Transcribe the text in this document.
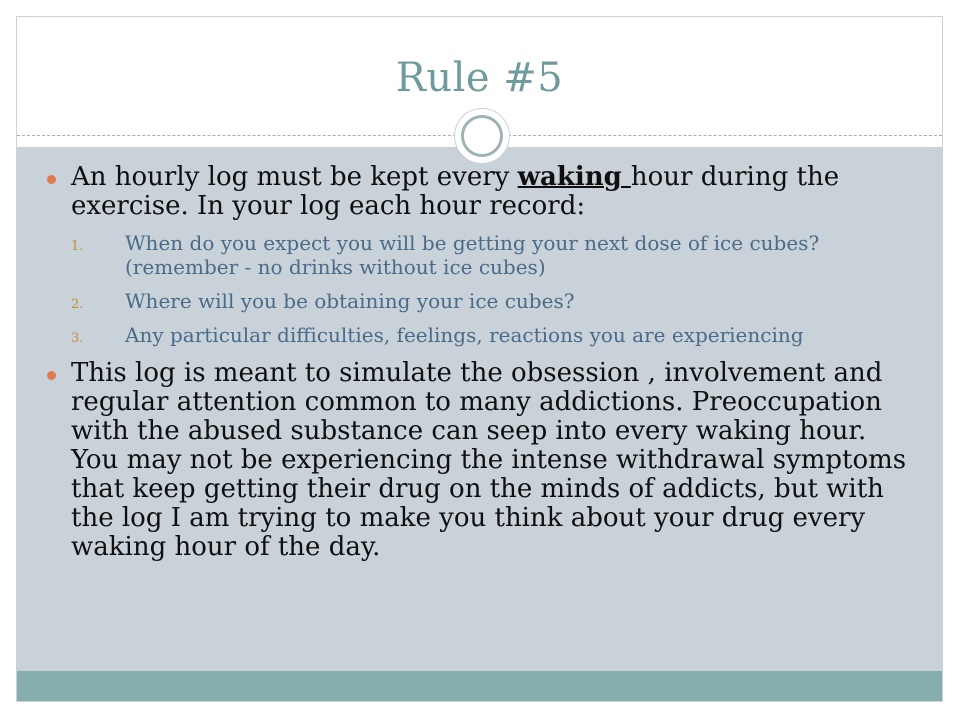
Rule #5
An hourly log must be kept every waking hour during the exercise. In your log each hour record:
1. When do you expect you will be getting your next dose of ice cubes? (remember - no drinks without ice cubes)
2. Where will you be obtaining your ice cubes?
3. Any particular difficulties, feelings, reactions you are experiencing
This log is meant to simulate the obsession , involvement and regular attention common to many addictions. Preoccupation with the abused substance can seep into every waking hour. You may not be experiencing the intense withdrawal symptoms that keep getting their drug on the minds of addicts, but with the log I am trying to make you think about your drug every waking hour of the day.
